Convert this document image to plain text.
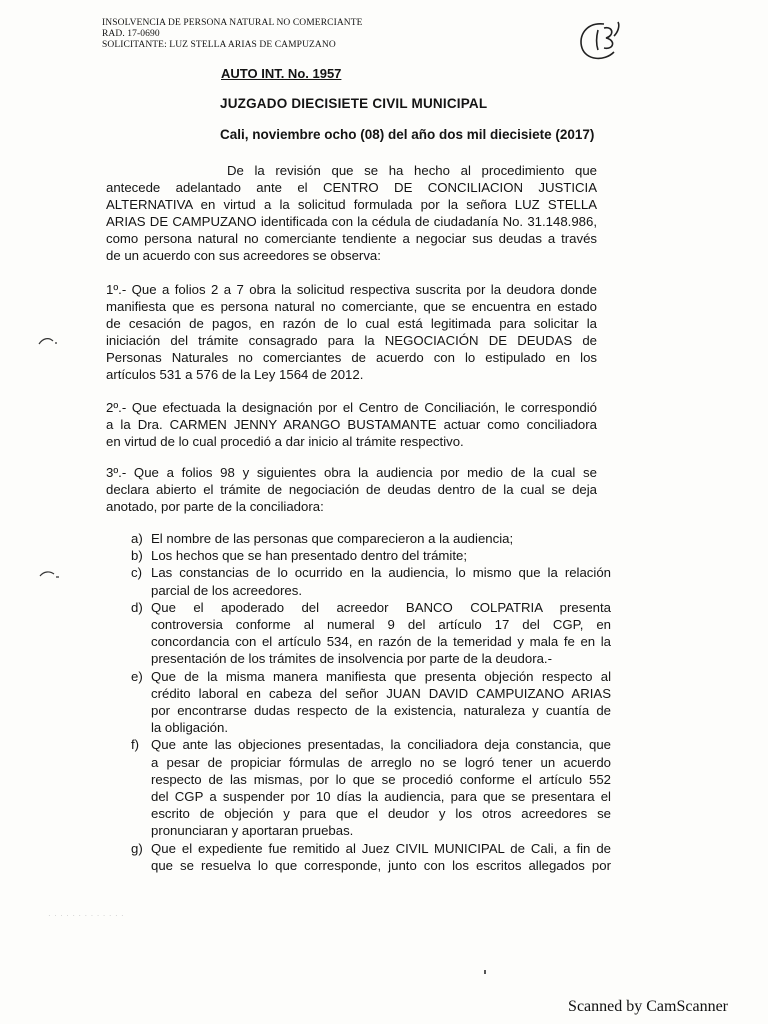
INSOLVENCIA DE PERSONA NATURAL NO COMERCIANTE
RAD. 17-0690
SOLICITANTE: LUZ STELLA ARIAS DE CAMPUZANO
AUTO INT. No. 1957
JUZGADO DIECISIETE CIVIL MUNICIPAL
Cali, noviembre ocho (08) del año dos mil diecisiete (2017)
De la revisión que se ha hecho al procedimiento que
antecede adelantado ante el CENTRO DE CONCILIACION JUSTICIA
ALTERNATIVA en virtud a la solicitud formulada por la señora LUZ STELLA
ARIAS DE CAMPUZANO identificada con la cédula de ciudadanía No. 31.148.986,
como persona natural no comerciante tendiente a negociar sus deudas a través
de un acuerdo con sus acreedores se observa:
1º.- Que a folios 2 a 7 obra la solicitud respectiva suscrita por la deudora donde
manifiesta que es persona natural no comerciante, que se encuentra en estado
de cesación de pagos, en razón de lo cual está legitimada para solicitar la
iniciación del trámite consagrado para la NEGOCIACIÓN DE DEUDAS de
Personas Naturales no comerciantes de acuerdo con lo estipulado en los
artículos 531 a 576 de la Ley 1564 de 2012.
2º.- Que efectuada la designación por el Centro de Conciliación, le correspondió
a la Dra. CARMEN JENNY ARANGO BUSTAMANTE actuar como conciliadora
en virtud de lo cual procedió a dar inicio al trámite respectivo.
3º.- Que a folios 98 y siguientes obra la audiencia por medio de la cual se
declara abierto el trámite de negociación de deudas dentro de la cual se deja
anotado, por parte de la conciliadora:
a) El nombre de las personas que comparecieron a la audiencia;
b) Los hechos que se han presentado dentro del trámite;
c) Las constancias de lo ocurrido en la audiencia, lo mismo que la relación
parcial de los acreedores.
d) Que el apoderado del acreedor BANCO COLPATRIA presenta
controversia conforme al numeral 9 del artículo 17 del CGP, en
concordancia con el artículo 534, en razón de la temeridad y mala fe en la
presentación de los trámites de insolvencia por parte de la deudora.-
e) Que de la misma manera manifiesta que presenta objeción respecto al
crédito laboral en cabeza del señor JUAN DAVID CAMPUIZANO ARIAS
por encontrarse dudas respecto de la existencia, naturaleza y cuantía de
la obligación.
f) Que ante las objeciones presentadas, la conciliadora deja constancia, que
a pesar de propiciar fórmulas de arreglo no se logró tener un acuerdo
respecto de las mismas, por lo que se procedió conforme el artículo 552
del CGP a suspender por 10 días la audiencia, para que se presentara el
escrito de objeción y para que el deudor y los otros acreedores se
pronunciaran y aportaran pruebas.
g) Que el expediente fue remitido al Juez CIVIL MUNICIPAL de Cali, a fin de
que se resuelva lo que corresponde, junto con los escritos allegados por
· · · · · · · · · · · · ·
Scanned by CamScanner
